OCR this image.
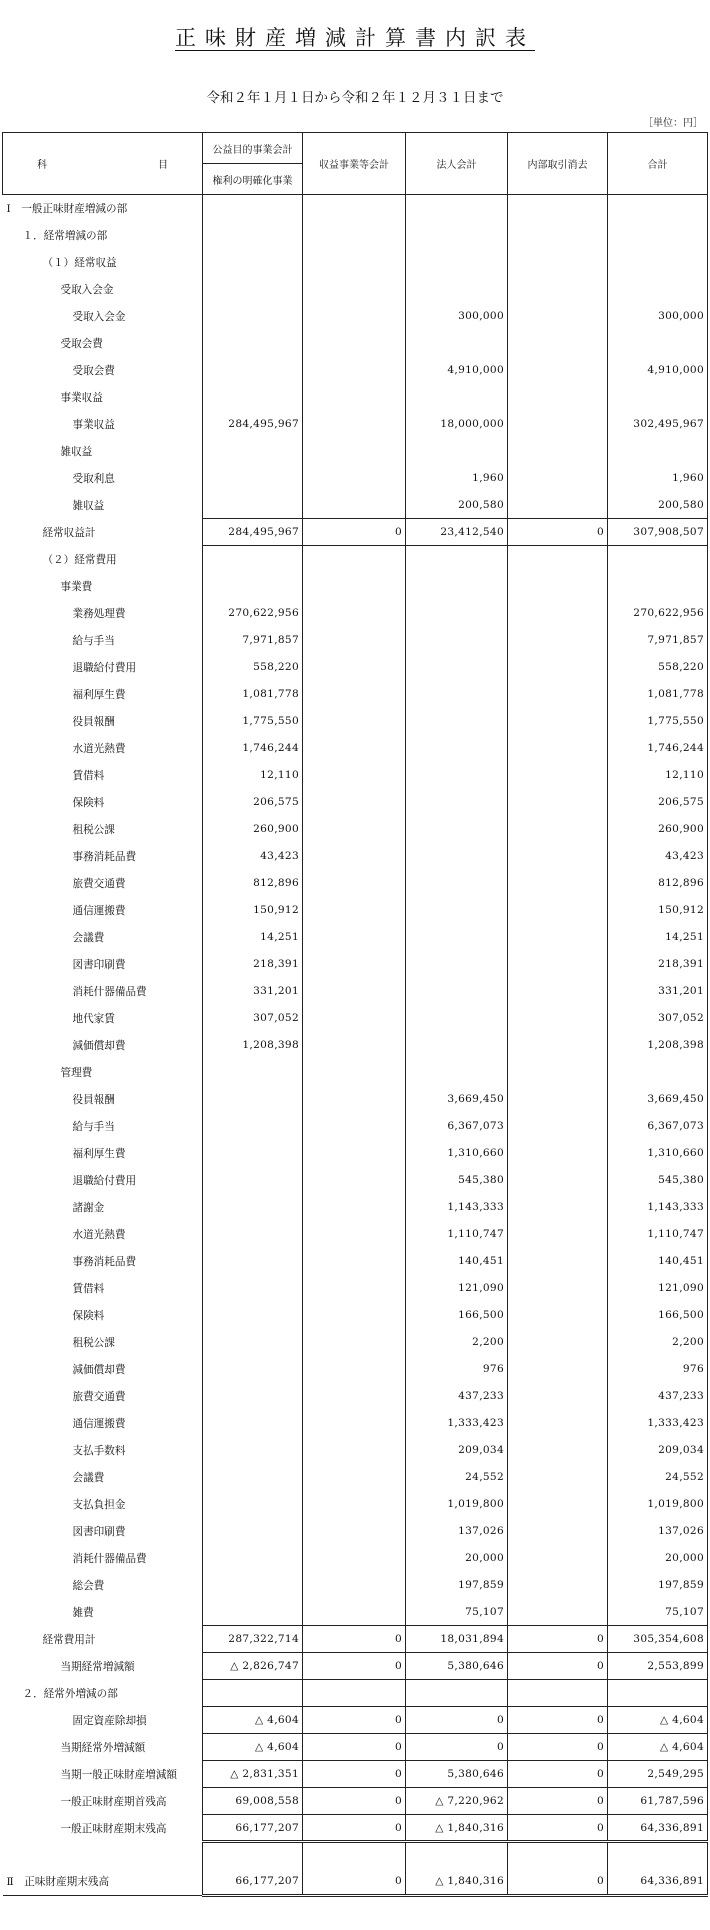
正味財産増減計算書内訳表
令和２年１月１日から令和２年１２月３１日まで
［単位：円］
科 目	公益目的事業会計	収益事業等会計	法人会計	内部取引消去	合計
	権利の明確化事業				
Ⅰ　一般正味財産増減の部					
１．経常増減の部					
（１）経常収益					
受取入会金					
受取入会金			300,000		300,000
受取会費					
受取会費			4,910,000		4,910,000
事業収益					
事業収益	284,495,967		18,000,000		302,495,967
雑収益					
受取利息			1,960		1,960
雑収益			200,580		200,580
経常収益計	284,495,967	0	23,412,540	0	307,908,507
（２）経常費用					
事業費					
業務処理費	270,622,956				270,622,956
給与手当	7,971,857				7,971,857
退職給付費用	558,220				558,220
福利厚生費	1,081,778				1,081,778
役員報酬	1,775,550				1,775,550
水道光熱費	1,746,244				1,746,244
賃借料	12,110				12,110
保険料	206,575				206,575
租税公課	260,900				260,900
事務消耗品費	43,423				43,423
旅費交通費	812,896				812,896
通信運搬費	150,912				150,912
会議費	14,251				14,251
図書印刷費	218,391				218,391
消耗什器備品費	331,201				331,201
地代家賃	307,052				307,052
減価償却費	1,208,398				1,208,398
管理費					
役員報酬			3,669,450		3,669,450
給与手当			6,367,073		6,367,073
福利厚生費			1,310,660		1,310,660
退職給付費用			545,380		545,380
諸謝金			1,143,333		1,143,333
水道光熱費			1,110,747		1,110,747
事務消耗品費			140,451		140,451
賃借料			121,090		121,090
保険料			166,500		166,500
租税公課			2,200		2,200
減価償却費			976		976
旅費交通費			437,233		437,233
通信運搬費			1,333,423		1,333,423
支払手数料			209,034		209,034
会議費			24,552		24,552
支払負担金			1,019,800		1,019,800
図書印刷費			137,026		137,026
消耗什器備品費			20,000		20,000
総会費			197,859		197,859
雑費			75,107		75,107
経常費用計	287,322,714	0	18,031,894	0	305,354,608
当期経常増減額	△ 2,826,747	0	5,380,646	0	2,553,899
２．経常外増減の部					
固定資産除却損	△ 4,604	0	0	0	△ 4,604
当期経常外増減額	△ 4,604	0	0	0	△ 4,604
当期一般正味財産増減額	△ 2,831,351	0	5,380,646	0	2,549,295
一般正味財産期首残高	69,008,558	0	△ 7,220,962	0	61,787,596
一般正味財産期末残高	66,177,207	0	△ 1,840,316	0	64,336,891

Ⅱ　正味財産期末残高	66,177,207	0	△ 1,840,316	0	64,336,891
